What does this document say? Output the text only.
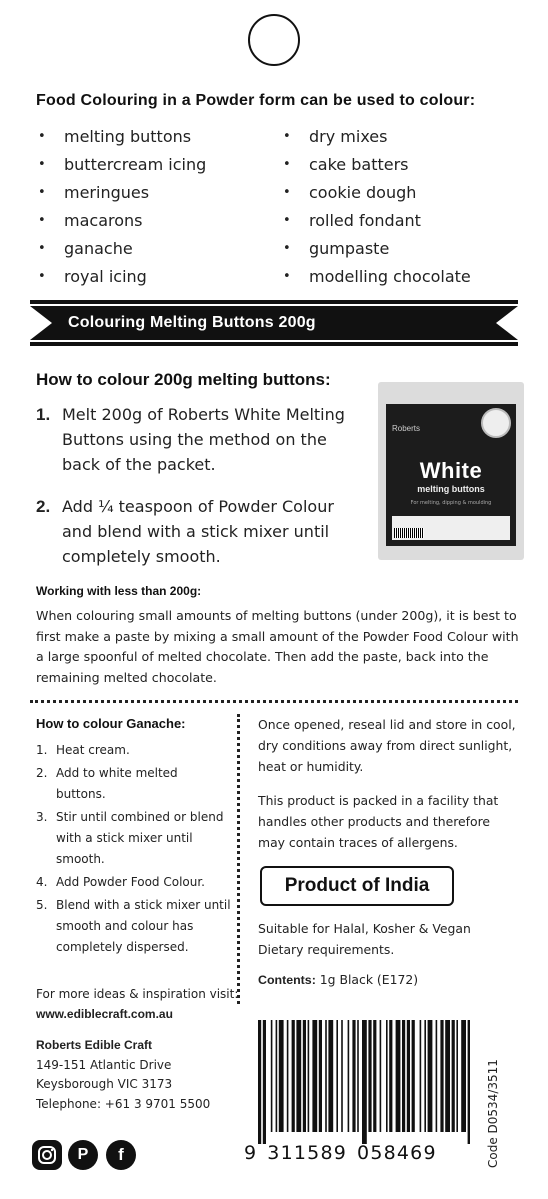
Food Colouring in a Powder form can be used to colour:
•	melting buttons
•	buttercream icing
•	meringues
•	macarons
•	ganache
•	royal icing
•	dry mixes
•	cake batters
•	cookie dough
•	rolled fondant
•	gumpaste
•	modelling chocolate
Colouring Melting Buttons 200g
How to colour 200g melting buttons:
1. Melt 200g of Roberts White Melting Buttons using the method on the back of the packet.
2. Add ¼ teaspoon of Powder Colour and blend with a stick mixer until completely smooth.
Roberts
White
melting buttons
For melting, dipping & moulding
Working with less than 200g:
When colouring small amounts of melting buttons (under 200g), it is best to first make a paste by mixing a small amount of the Powder Food Colour with a large spoonful of melted chocolate. Then add the paste, back into the remaining melted chocolate.
How to colour Ganache:
1. Heat cream.
2. Add to white melted buttons.
3. Stir until combined or blend with a stick mixer until smooth.
4. Add Powder Food Colour.
5. Blend with a stick mixer until smooth and colour has completely dispersed.
Once opened, reseal lid and store in cool, dry conditions away from direct sunlight, heat or humidity.
This product is packed in a facility that handles other products and therefore may contain traces of allergens.
Product of India
Suitable for Halal, Kosher & Vegan Dietary requirements.
Contents: 1g Black (E172)
For more ideas & inspiration visit:
www.ediblecraft.com.au
Roberts Edible Craft
149-151 Atlantic Drive
Keysborough VIC 3173
Telephone: +61 3 9701 5500
P	f	9 311589 058469	Code D0534/3511
